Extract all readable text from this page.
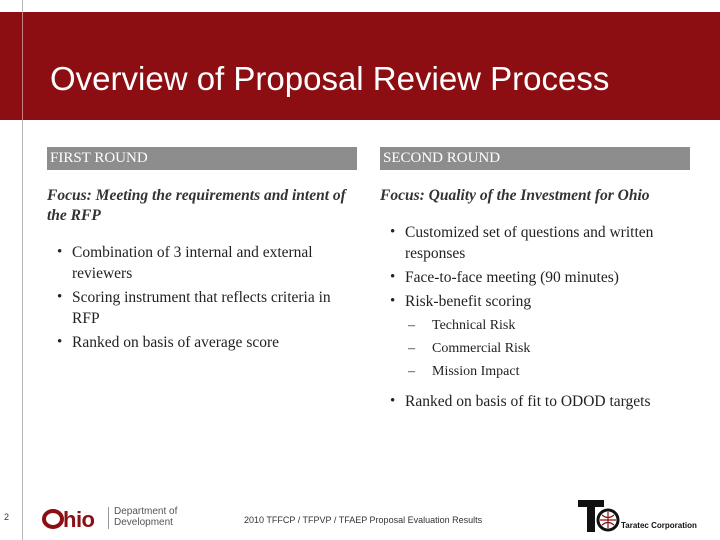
Overview of Proposal Review Process
FIRST ROUND
Focus: Meeting the requirements and intent of the RFP
• Combination of 3 internal and external reviewers
• Scoring instrument that reflects criteria in RFP
• Ranked on basis of average score
SECOND ROUND
Focus: Quality of the Investment for Ohio
• Customized set of questions and written responses
• Face-to-face meeting (90 minutes)
• Risk-benefit scoring
– Technical Risk
– Commercial Risk
– Mission Impact
• Ranked on basis of fit to ODOD targets
2 hio Department of
Development	2010 TFFCP / TFPVP / TFAEP Proposal Evaluation Results
Taratec Corporation
